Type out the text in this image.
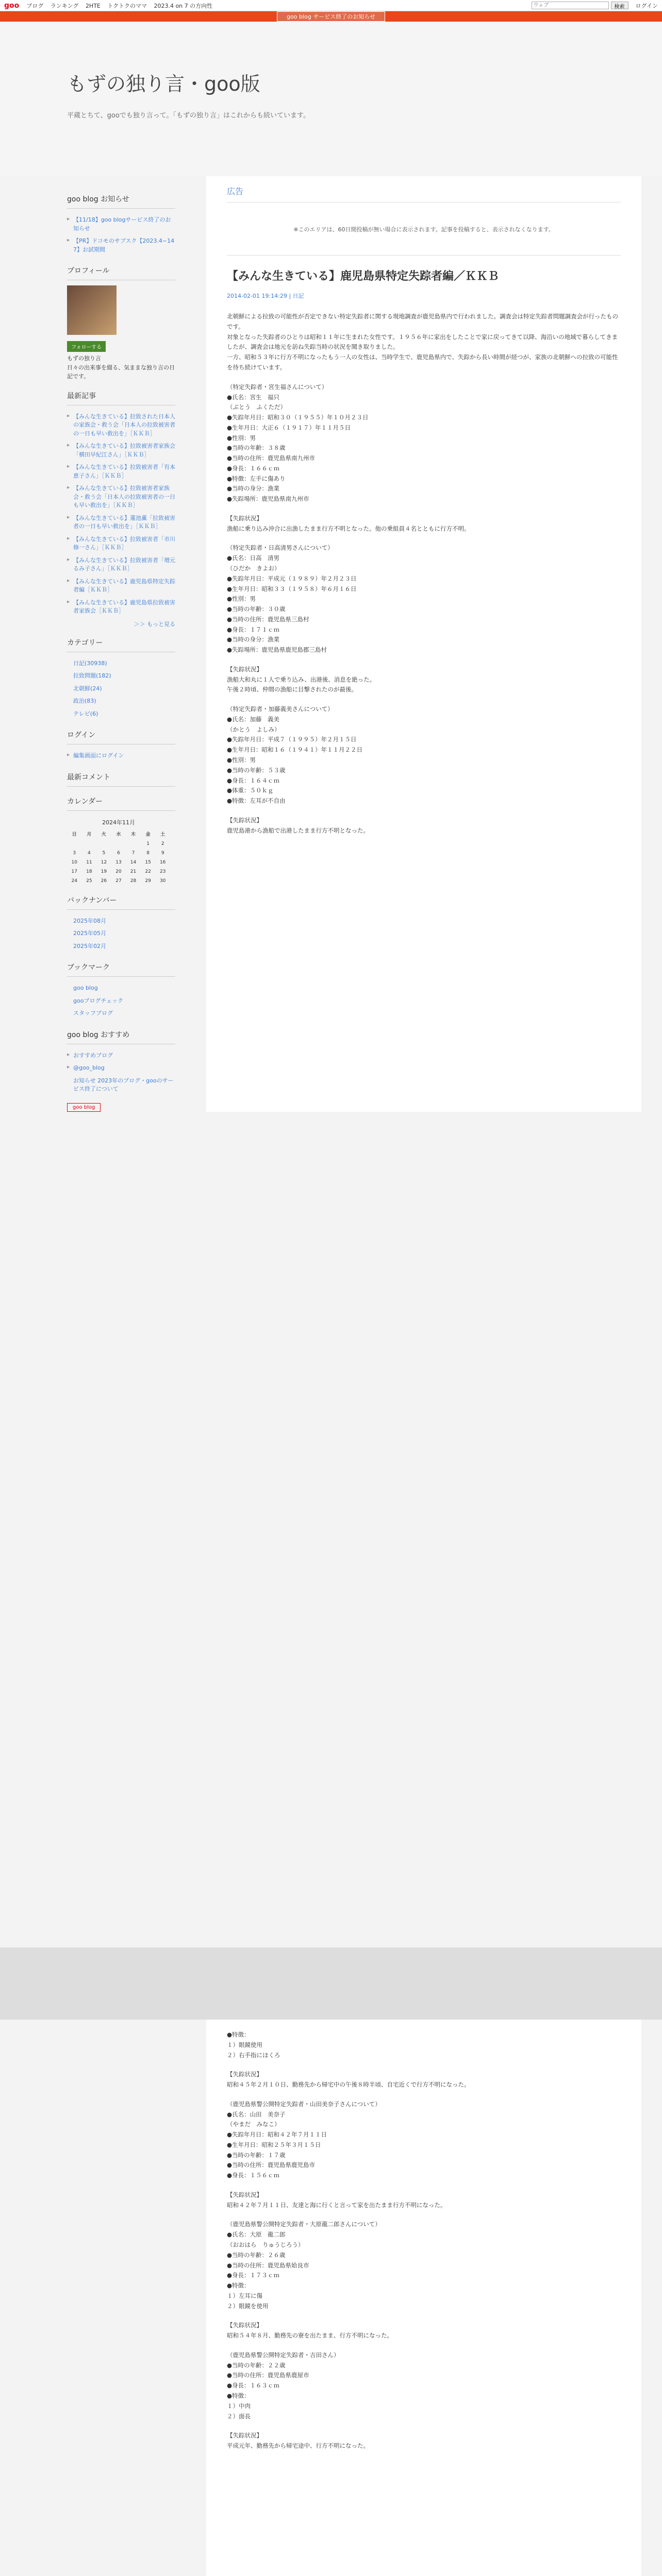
goo ブログ ランキング 2HTE トクトクのママ 2023.4 on 7 の方向性
ウェブ	検索	ログイン
goo blog サービス終了のお知らせ
もずの独り言・goo版
平蔵とちて、gooでも独り言って。「もずの独り言」はこれからも続いています。
goo blog お知らせ
▶ 【11/18】goo blogサービス終了のお知らせ
▶ 【PR】ドコモのサブスク【2023.4~14 7】お試期間
プロフィール
フォローする

もずの独り言

日々の出来事を綴る、気ままな独り言の日記です。

最新記事
▶ 【みんな生きている】拉致された日本人の家族会・救う会「日本人の拉致被害者の一日も早い救出を」［ＫＫＢ］
▶ 【みんな生きている】拉致被害者家族会「横田早紀江さん」［ＫＫＢ］
▶ 【みんな生きている】拉致被害者「有本恵子さん」［ＫＫＢ］
▶ 【みんな生きている】拉致被害者家族会・救う会「日本人の拉致被害者の一日も早い救出を」［ＫＫＢ］
▶ 【みんな生きている】蓮池薫「拉致被害者の一日も早い救出を」［ＫＫＢ］
▶ 【みんな生きている】拉致被害者「市川修一さん」［ＫＫＢ］
▶ 【みんな生きている】拉致被害者「増元るみ子さん」［ＫＫＢ］
▶ 【みんな生きている】鹿児島県特定失踪者編［ＫＫＢ］
▶ 【みんな生きている】鹿児島県拉致被害者家族会［ＫＫＢ］
＞＞ もっと見る
カテゴリー
日記(30938)
拉致問題(182)
北朝鮮(24)
政治(83)
テレビ(6)
ログイン
▶ 編集画面にログイン
最新コメント
カレンダー
2024年11月
日	月	火	水	木	金	土
					1	2
3	4	5	6	7	8	9
10	11	12	13	14	15	16
17	18	19	20	21	22	23
24	25	26	27	28	29	30
バックナンバー
2025年08月
2025年05月
2025年02月
ブックマーク
goo blog
gooブログチェック
スタッフブログ
goo blog おすすめ
▶ おすすめブログ
▶ @goo_blog
お知らせ 2023年のブログ・gooのサービス終了について
goo blog
広告
※このエリアは、60日間投稿が無い場合に表示されます。記事を投稿すると、表示されなくなります。
【みんな生きている】鹿児島県特定失踪者編／ＫＫＢ
2014-02-01 19:14:29 | 日記

北朝鮮による拉致の可能性が否定できない特定失踪者に関する現地調査が鹿児島県内で行われました。調査会は特定失踪者問題調査会が行ったものです。

対象となった失踪者のひとりは昭和１１年に生まれた女性です。１９５６年に家出をしたことで家に戻ってきて以降、海沿いの地域で暮らしてきましたが、調査会は地元を訪ね失踪当時の状況を聞き取りました。

一方、昭和５３年に行方不明になったもう一人の女性は、当時学生で、鹿児島県内で、失踪から長い時間が経つが、家族の北朝鮮への拉致の可能性を待ち続けています。

（特定失踪者・宮生福さんについて）

●氏名：宮生　福只

（ぶとう　ふくただ）

●失踪年月日：昭和３０（１９５５）年１０月２３日

●生年月日：大正６（１９１７）年１１月５日

●性別：男

●当時の年齢：３８歳

●当時の住所：鹿児島県南九州市

●身長：１６６ｃｍ

●特徴：左手に傷あり

●当時の身分：漁業

●失踪場所：鹿児島県南九州市

【失踪状況】

漁船に乗り込み沖合に出漁したまま行方不明となった。他の乗組員４名とともに行方不明。

（特定失踪者・日高清男さんについて）

●氏名：日高　清男

（ひだか　きよお）

●失踪年月日：平成元（１９８９）年２月２３日

●生年月日：昭和３３（１９５８）年６月１６日

●性別：男

●当時の年齢：３０歳

●当時の住所：鹿児島県三島村

●身長：１７１ｃｍ

●当時の身分：漁業

●失踪場所：鹿児島県鹿児島郡三島村

【失踪状況】

漁船大和丸に１人で乗り込み、出港後、消息を絶った。

午後２時頃、仲間の漁船に目撃されたのが最後。

（特定失踪者・加藤義美さんについて）

●氏名：加藤　義美

（かとう　よしみ）

●失踪年月日：平成７（１９９５）年２月１５日

●生年月日：昭和１６（１９４１）年１１月２２日

●性別：男

●当時の年齢：５３歳

●身長：１６４ｃｍ

●体重：５０ｋｇ

●特徴：左耳が不自由

【失踪状況】

鹿児島港から漁船で出港したまま行方不明となった。

●特徴：

１）眼鏡使用

２）右手指にほくろ

【失踪状況】

昭和４５年２月１０日、勤務先から帰宅中の午後８時半頃、自宅近くで行方不明になった。

（鹿児島県警公開特定失踪者・山田美奈子さんについて）

●氏名：山田　美奈子

（やまだ　みなこ）

●失踪年月日：昭和４２年７月１１日

●生年月日：昭和２５年３月１５日

●当時の年齢：１７歳

●当時の住所：鹿児島県鹿児島市

●身長：１５６ｃｍ

【失踪状況】

昭和４２年７月１１日、友達と海に行くと言って家を出たまま行方不明になった。

（鹿児島県警公開特定失踪者・大原龍二郎さんについて）

●氏名：大原　龍二郎

（おおはら　りゅうじろう）

●当時の年齢：２６歳

●当時の住所：鹿児島県姶良市

●身長：１７３ｃｍ

●特徴：

１）左耳に傷

２）眼鏡を使用

【失踪状況】

昭和５４年８月、勤務先の寮を出たまま、行方不明になった。

（鹿児島県警公開特定失踪者・吉田さん）

●当時の年齢：２２歳

●当時の住所：鹿児島県鹿屋市

●身長：１６３ｃｍ

●特徴：

１）中肉

２）面長

【失踪状況】

平成元年、勤務先から帰宅途中、行方不明になった。
